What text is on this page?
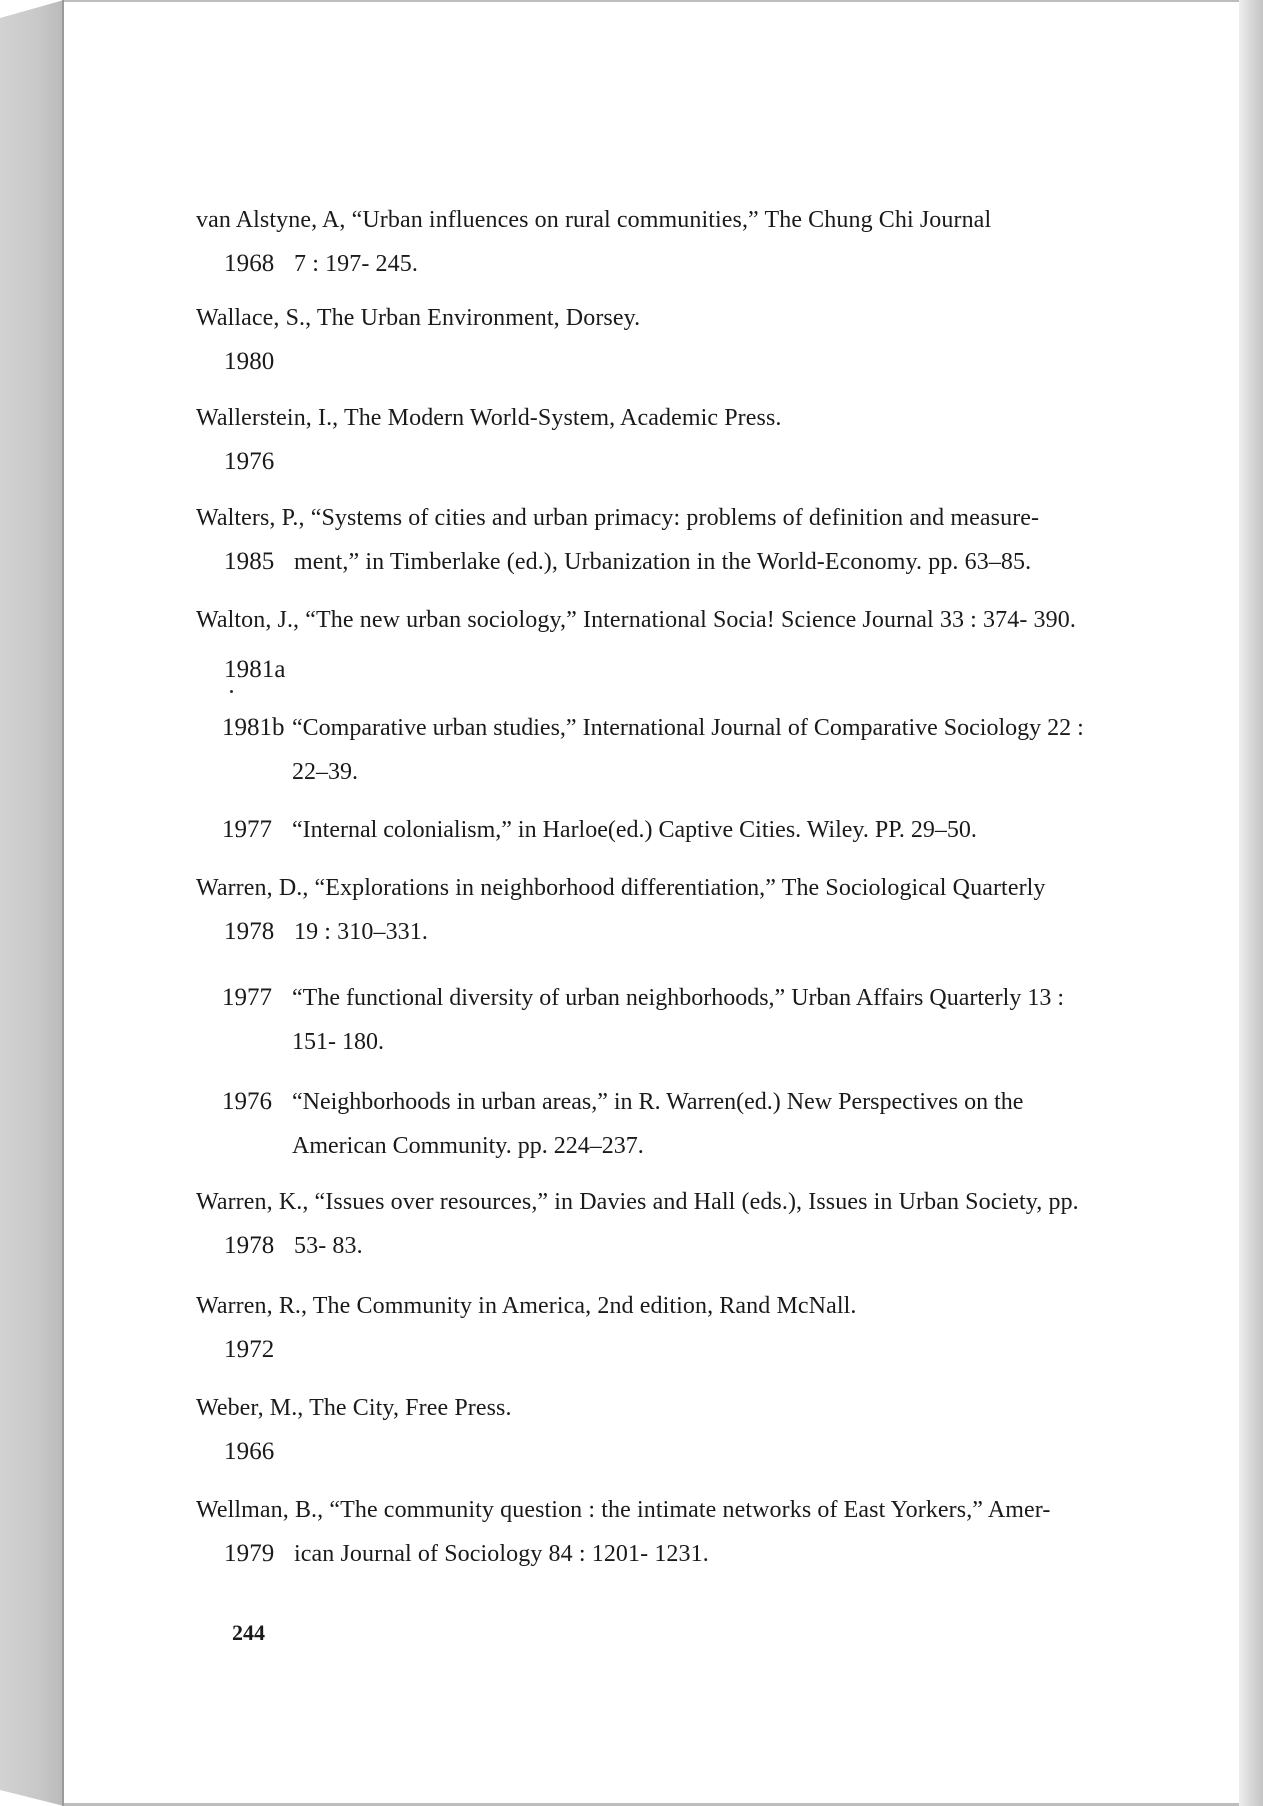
van Alstyne, A, “Urban influences on rural communities,” The Chung Chi Journal
1968 7 : 197- 245.
Wallace, S., The Urban Environment, Dorsey.
1980
Wallerstein, I., The Modern World-System, Academic Press.
1976
Walters, P., “Systems of cities and urban primacy: problems of definition and measure-
1985 ment,” in Timberlake (ed.), Urbanization in the World-Economy. pp. 63–85.
Walton, J., “The new urban sociology,” International Socia! Science Journal 33 : 374- 390.
1981a
1981b “Comparative urban studies,” International Journal of Comparative Sociology 22 :
22–39.
1977 “Internal colonialism,” in Harloe(ed.) Captive Cities. Wiley. PP. 29–50.
Warren, D., “Explorations in neighborhood differentiation,” The Sociological Quarterly
1978 19 : 310–331.
1977 “The functional diversity of urban neighborhoods,” Urban Affairs Quarterly 13 :
151- 180.
1976 “Neighborhoods in urban areas,” in R. Warren(ed.) New Perspectives on the
American Community. pp. 224–237.
Warren, K., “Issues over resources,” in Davies and Hall (eds.), Issues in Urban Society, pp.
1978 53- 83.
Warren, R., The Community in America, 2nd edition, Rand McNall.
1972
Weber, M., The City, Free Press.
1966
Wellman, B., “The community question : the intimate networks of East Yorkers,” Amer-
1979 ican Journal of Sociology 84 : 1201- 1231.
244
